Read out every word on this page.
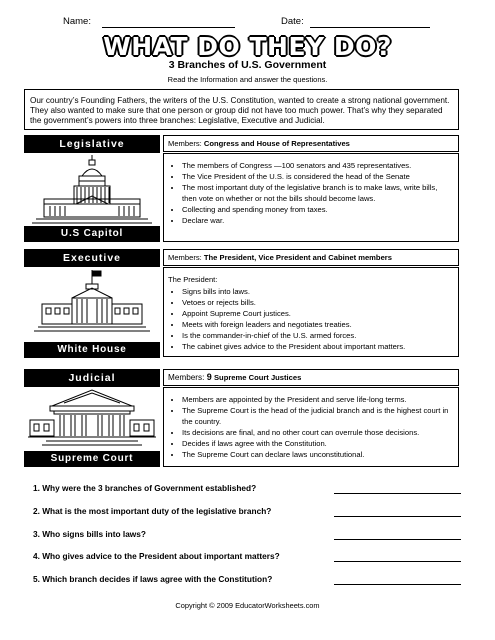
Name:	Date:
WHAT DO THEY DO?
3 Branches of U.S. Government
Read the Information and answer the questions.
Our country’s Founding Fathers, the writers of the U.S. Constitution, wanted to create a strong national government. They also wanted to make sure that one person or group did not have too much power. That’s why they separated the government’s powers into three branches: Legislative, Executive and Judicial.
Legislative
U.S Capitol
Members: Congress and House of Representatives
• The members of Congress —100 senators and 435 representatives.
• The Vice President of the U.S. is considered the head of the Senate
• The most important duty of the legislative branch is to make laws, write bills, then vote on whether or not the bills should become laws.
• Collecting and spending money from taxes.
• Declare war.
Executive
White House
Members: The President, Vice President and Cabinet members
The President:
• Signs bills into laws.
• Vetoes or rejects bills.
• Appoint Supreme Court justices.
• Meets with foreign leaders and negotiates treaties.
• Is the commander-in-chief of the U.S. armed forces.
• The cabinet gives advice to the President about important matters.
Judicial
Supreme Court
Members: 9 Supreme Court Justices
• Members are appointed by the President and serve life-long terms.
• The Supreme Court is the head of the judicial branch and is the highest court in the country.
• Its decisions are final, and no other court can overrule those decisions.
• Decides if laws agree with the Constitution.
• The Supreme Court can declare laws unconstitutional.
1. Why were the 3 branches of Government established?
2. What is the most important duty of the legislative branch?
3. Who signs bills into laws?
4. Who gives advice to the President about important matters?
5. Which branch decides if laws agree with the Constitution?
Copyright © 2009 EducatorWorksheets.com
